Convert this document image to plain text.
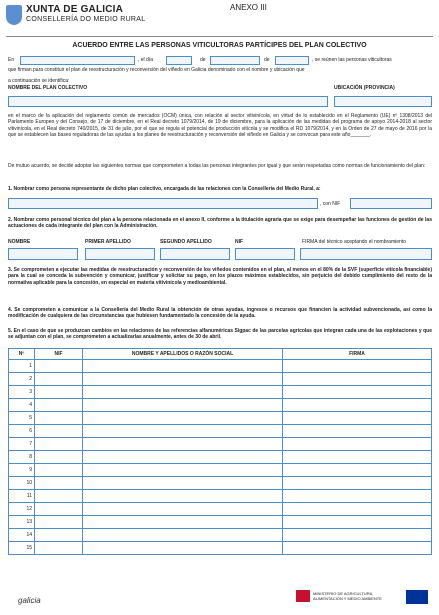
XUNTA DE GALICIA
CONSELLERÍA DO MEDIO RURAL
ANEXO III
ACUERDO ENTRE LAS PERSONAS VITICULTORAS PARTÍCIPES DEL PLAN COLECTIVO
En	, el día	de	de	, se reúnen las personas viticultoras
que firman para constituir el plan de reestructuración y reconversión del viñedo en Galicia denominado con el nombre y ubicación que
a continuación se identifica:
NOMBRE DEL PLAN COLECTIVO	UBICACIÓN (PROVINCIA)
en el marco de la aplicación del reglamento común de mercados (OCM) única, con relación al sector vitivinícola, en virtud de lo establecido en el Reglamento (UE) nº 1308/2013 del Parlamento Europeo y del Consejo, de 17 de diciembre, en el Real decreto 1079/2014, de 19 de diciembre, para la aplicación de las medidas del programa de apoyo 2014-2018 al sector vitivinícola, en el Real decreto 740/2015, de 31 de julio, por el que se regula el potencial de producción vitícola y se modifica el RD 1079/2014, y en la Orden de 27 de mayo de 2016 por la que se establecen las bases reguladoras de las ayudas a los planes de reestructuración y reconversión del viñedo en Galicia y se convocan para este año_______.
De mutuo acuerdo, se decide adoptar las siguientes normas que comprometen a todas las personas integrantes por igual y que serán respetadas como normas de funcionamiento del plan:
1. Nombrar como persona representante de dicho plan colectivo, encargada de las relaciones con la Consellería del Medio Rural, a:
, con NIF
2. Nombrar como personal técnico del plan a la persona relacionada en el anexo II, conforme a la titulación agraria que se exige para desempeñar las funciones de gestión de las actuaciones de cada integrante del plan con la Administración.
NOMBRE	PRIMER APELLIDO	SEGUNDO APELLIDO	NIF	FIRMA del técnico aceptando el nombramiento
3. Se comprometen a ejecutar las medidas de reestructuración y reconversión de los viñedos contenidos en el plan, al menos en el 80% de la SVF (superficie vitícola financiable) para la cual se conceda la subvención y comunicar, justificar y solicitar su pago, en los plazos máximos establecidos, sin perjuicio del debido cumplimiento del resto de la normativa aplicable para la concesión, en especial en materia vitivinícola y medioambiental.
4. Se comprometen a comunicar a la Consellería del Medio Rural la obtención de otras ayudas, ingresos o recursos que financien la actividad subvencionada, así como la modificación de cualquiera de las circunstancias que hubiesen fundamentado la concesión de la ayuda.
5. En el caso de que se produzcan cambios en las relaciones de las referencias alfanuméricas Sigpac de las parcelas agrícolas que integran cada una de las explotaciones y que se adjuntan con el plan, se comprometen a actualizarlas anualmente, antes de 30 de abril.
Nº	NIF	NOMBRE Y APELLIDOS O RAZÓN SOCIAL	FIRMA
1			
2			
3			
4			
5			
6			
7			
8			
9			
10			
11			
12			
13			
14			
15			
galicia
MINISTERIO DE AGRICULTURA, ALIMENTACIÓN Y MEDIO AMBIENTE
